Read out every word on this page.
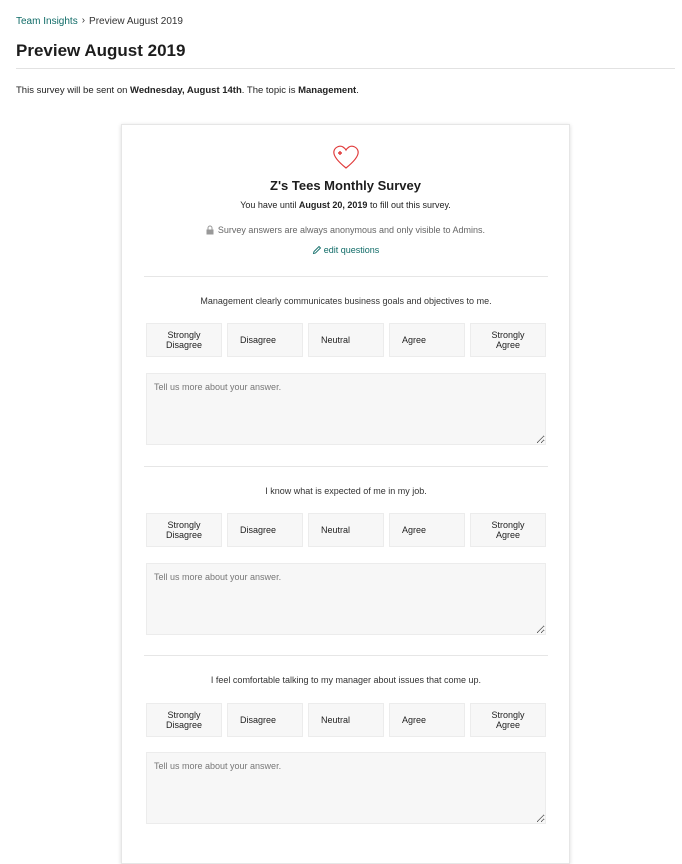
Team Insights › Preview August 2019
Preview August 2019
This survey will be sent on Wednesday, August 14th. The topic is Management.
Z's Tees Monthly Survey
You have until August 20, 2019 to fill out this survey.
Survey answers are always anonymous and only visible to Admins.
edit questions
Management clearly communicates business goals and objectives to me.
Strongly
Disagree	Disagree	Neutral	Agree	Strongly
Agree
Tell us more about your answer.
I know what is expected of me in my job.
Strongly
Disagree	Disagree	Neutral	Agree	Strongly
Agree
Tell us more about your answer.
I feel comfortable talking to my manager about issues that come up.
Strongly
Disagree	Disagree	Neutral	Agree	Strongly
Agree
Tell us more about your answer.
